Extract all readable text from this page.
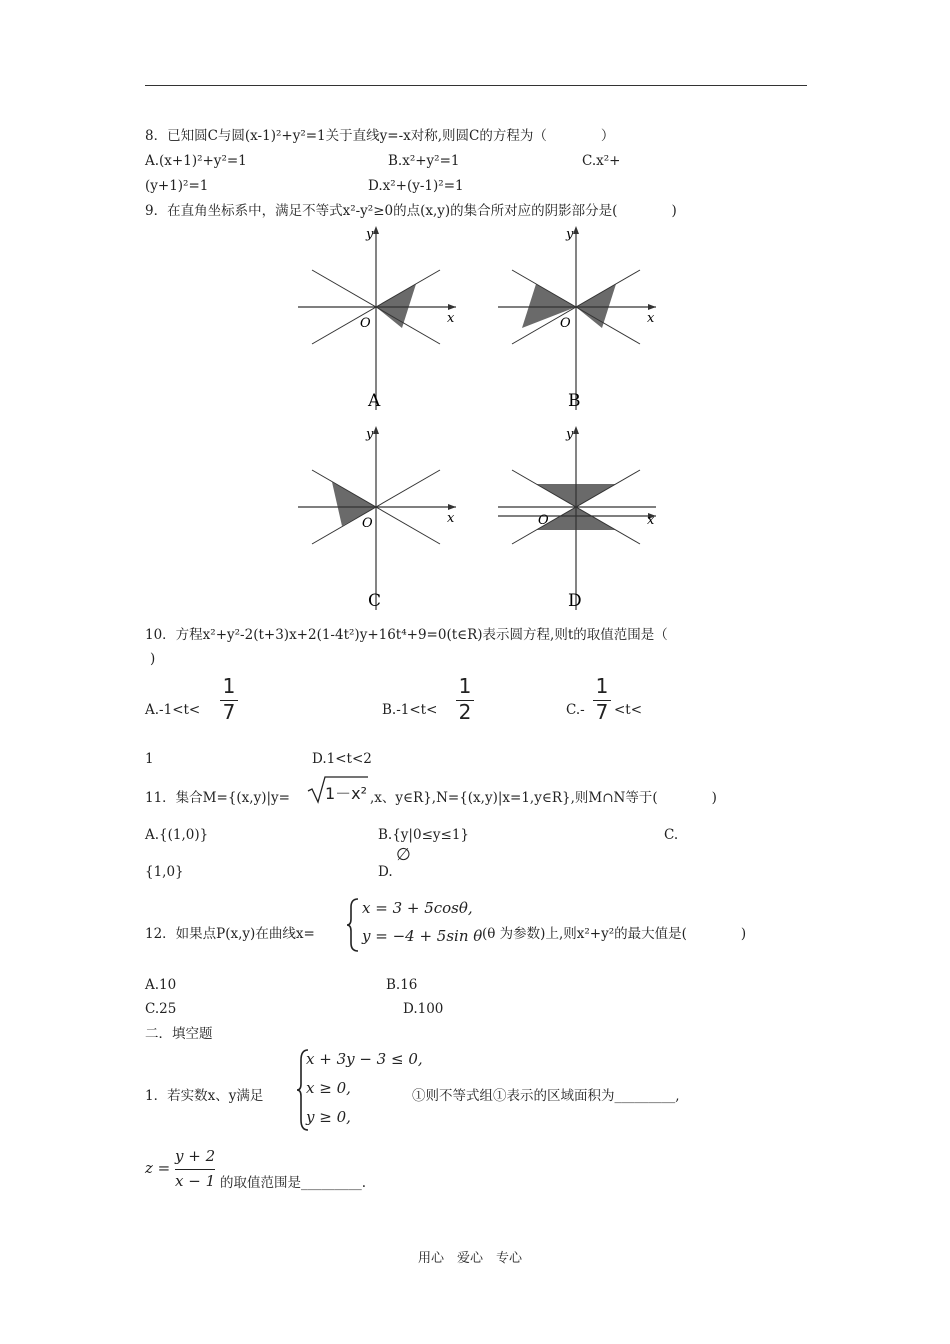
8．已知圆C与圆(x-1)²+y²=1关于直线y=-x对称,则圆C的方程为（　　　　）
A.(x+1)²+y²=1	B.x²+y²=1	C.x²+
(y+1)²=1	D.x²+(y-1)²=1
9．在直角坐标系中，满足不等式x²-y²≥0的点(x,y)的集合所对应的阴影部分是(　　　　)
y
x
O
A
y
x
O
B
y
x
O
C
y
x
O
D
10．方程x²+y²-2(t+3)x+2(1-4t²)y+16t⁴+9=0(t∈R)表示圆方程,则t的取值范围是（
)
A.-1<t<
1
7	B.-1<t<
1
2	C.-
1
7 <t<
1	D.1<t<2
11．集合M={(x,y)|y= 1－x² ,x、y∈R},N={(x,y)|x=1,y∈R},则M∩N等于(　　　　)
A.{(1,0)}	B.{y|0≤y≤1}	C.
{1,0}	D.
∅
12．如果点P(x,y)在曲线x=
x = 3 + 5cosθ,
y = −4 + 5sin θ (θ 为参数)上,则x²+y²的最大值是(　　　　)
A.10	B.16
C.25	D.100
二．填空题
1．若实数x、y满足
x + 3y − 3 ≤ 0,
x ≥ 0,
y ≥ 0,
①则不等式组①表示的区域面积为_________,
z =
y + 2
x − 1 的取值范围是_________.
用心　爱心　专心
